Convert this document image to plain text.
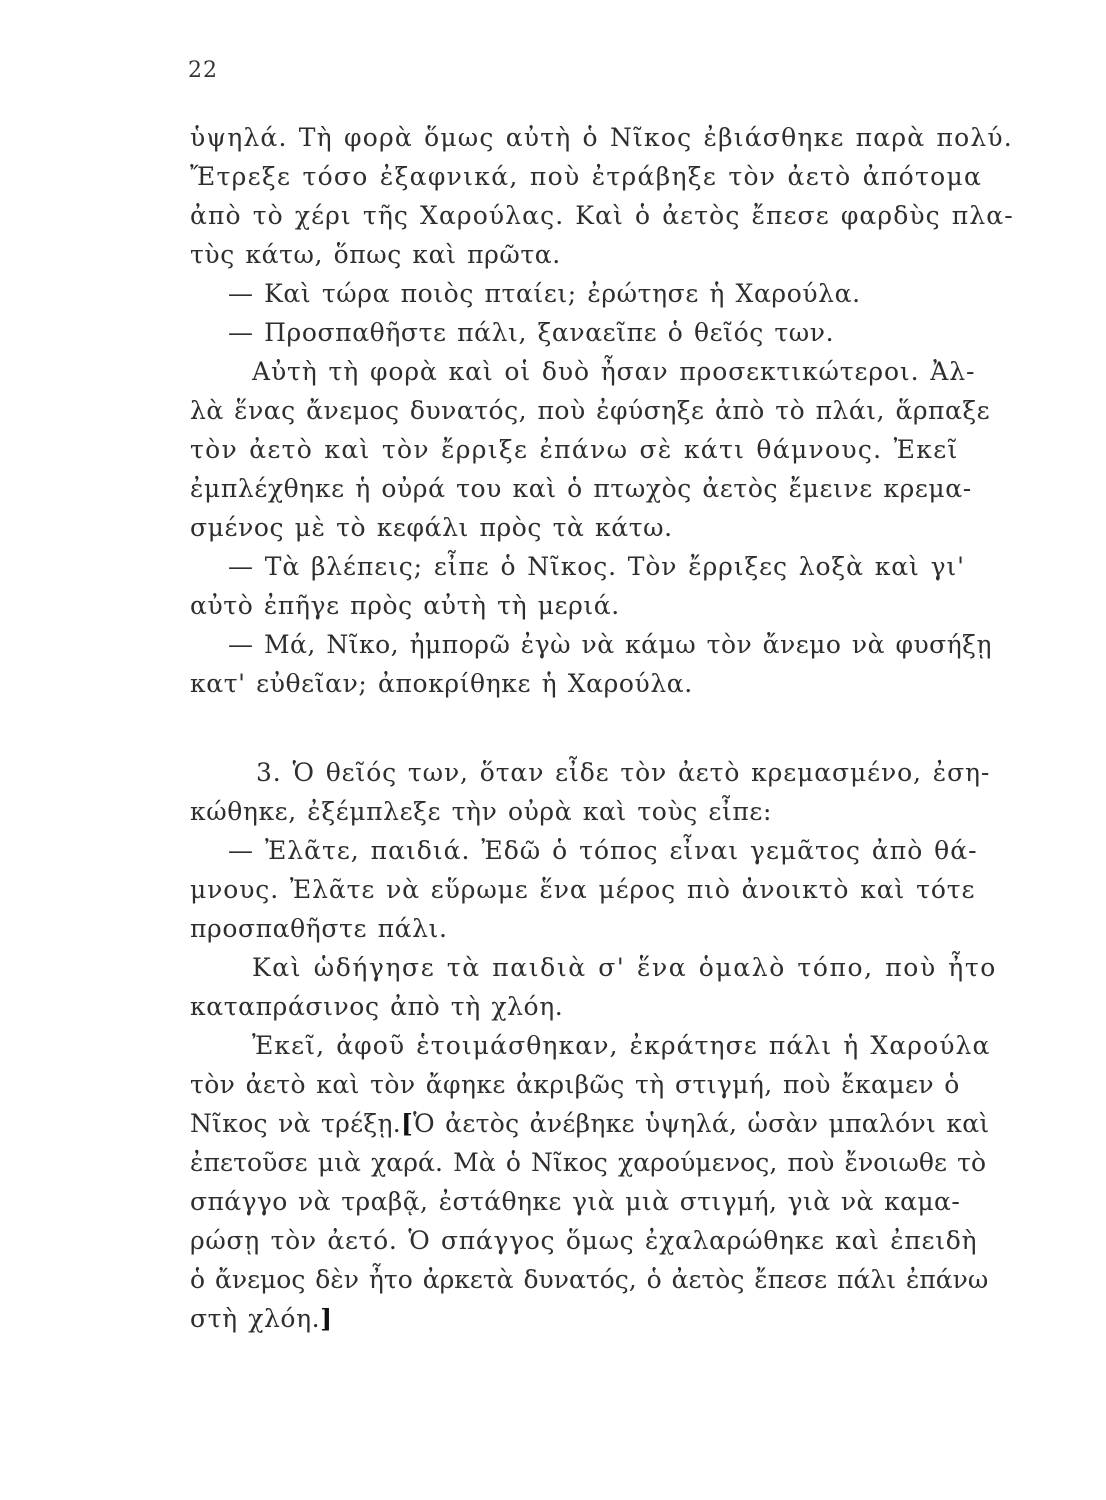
22
ὑψηλά. Τὴ φορὰ ὅμως αὐτὴ ὁ Νῖκος ἐβιάσθηκε παρὰ πολύ.
Ἔτρεξε τόσο ἐξαφνικά, ποὺ ἐτράβηξε τὸν ἀετὸ ἀπότομα
ἀπὸ τὸ χέρι τῆς Χαρούλας. Καὶ ὁ ἀετὸς ἔπεσε φαρδὺς πλα-
τὺς κάτω, ὅπως καὶ πρῶτα.
— Καὶ τώρα ποιὸς πταίει; ἐρώτησε ἡ Χαρούλα.
— Προσπαθῆστε πάλι, ξαναεῖπε ὁ θεῖός των.
Αὐτὴ τὴ φορὰ καὶ οἱ δυὸ ἦσαν προσεκτικώτεροι. Ἀλ-
λὰ ἕνας ἄνεμος δυνατός, ποὺ ἐφύσηξε ἀπὸ τὸ πλάι, ἅρπαξε
τὸν ἀετὸ καὶ τὸν ἔρριξε ἐπάνω σὲ κάτι θάμνους. Ἐκεῖ
ἐμπλέχθηκε ἡ οὐρά του καὶ ὁ πτωχὸς ἀετὸς ἔμεινε κρεμα-
σμένος μὲ τὸ κεφάλι πρὸς τὰ κάτω.
— Τὰ βλέπεις; εἶπε ὁ Νῖκος. Τὸν ἔρριξες λοξὰ καὶ γι'
αὐτὸ ἐπῆγε πρὸς αὐτὴ τὴ μεριά.
— Μά, Νῖκο, ἠμπορῶ ἐγὼ νὰ κάμω τὸν ἄνεμο νὰ φυσήξῃ
κατ' εὐθεῖαν; ἀποκρίθηκε ἡ Χαρούλα.
3. Ὁ θεῖός των, ὅταν εἶδε τὸν ἀετὸ κρεμασμένο, ἐση-
κώθηκε, ἐξέμπλεξε τὴν οὐρὰ καὶ τοὺς εἶπε:
— Ἐλᾶτε, παιδιά. Ἐδῶ ὁ τόπος εἶναι γεμᾶτος ἀπὸ θά-
μνους. Ἐλᾶτε νὰ εὕρωμε ἕνα μέρος πιὸ ἀνοικτὸ καὶ τότε
προσπαθῆστε πάλι.
Καὶ ὡδήγησε τὰ παιδιὰ σ' ἕνα ὁμαλὸ τόπο, ποὺ ἦτο
καταπράσινος ἀπὸ τὴ χλόη.
Ἐκεῖ, ἀφοῦ ἑτοιμάσθηκαν, ἐκράτησε πάλι ἡ Χαρούλα
τὸν ἀετὸ καὶ τὸν ἄφηκε ἀκριβῶς τὴ στιγμή, ποὺ ἔκαμεν ὁ
Νῖκος νὰ τρέξῃ.[Ὁ ἀετὸς ἀνέβηκε ὑψηλά, ὡσὰν μπαλόνι καὶ
ἐπετοῦσε μιὰ χαρά. Μὰ ὁ Νῖκος χαρούμενος, ποὺ ἔνοιωθε τὸ
σπάγγο νὰ τραβᾷ, ἐστάθηκε γιὰ μιὰ στιγμή, γιὰ νὰ καμα-
ρώσῃ τὸν ἀετό. Ὁ σπάγγος ὅμως ἐχαλαρώθηκε καὶ ἐπειδὴ
ὁ ἄνεμος δὲν ἦτο ἀρκετὰ δυνατός, ὁ ἀετὸς ἔπεσε πάλι ἐπάνω
στὴ χλόη.]
